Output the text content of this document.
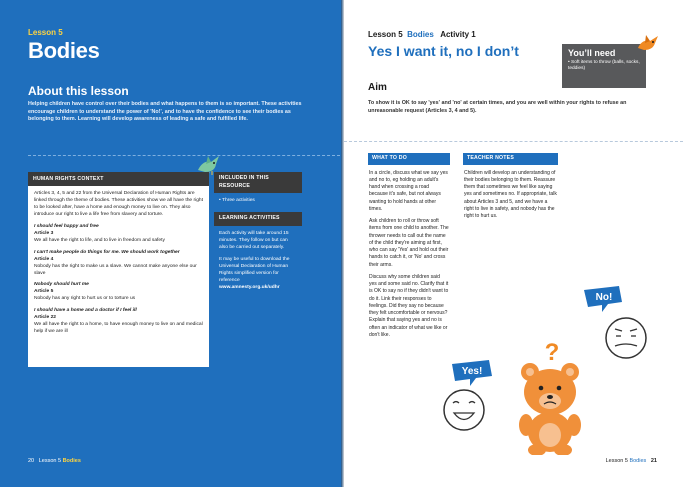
Lesson 5
Bodies
About this lesson
Helping children have control over their bodies and what happens to them is so important. These activities encourage children to understand the power of 'No!', and to have the confidence to see their bodies as belonging to them. Learning will develop awareness of leading a safe and fulfilled life.
HUMAN RIGHTS CONTEXT

Articles 3, 4, 5 and 22 from the Universal Declaration of Human Rights are linked through the theme of bodies. These activities show we all have the right to be looked after, have a home and enough money to live on. They also introduce our right to live a life free from slavery and torture.

I should feel happy and free
Article 3
We all have the right to life, and to live in freedom and safety

I can't make people do things for me. We should work together
Article 4
Nobody has the right to make us a slave. We cannot make anyone else our slave

Nobody should hurt me
Article 5
Nobody has any right to hurt us or to torture us

I should have a home and a doctor if I feel ill
Article 22
We all have the right to a home, to have enough money to live on and medical help if we are ill

INCLUDED IN THIS RESOURCE
• Three activities
LEARNING ACTIVITIES
Each activity will take around 15 minutes. They follow on but can also be carried out separately.
It may be useful to download the Universal Declaration of Human Rights simplified version for reference
www.amnesty.org.uk/udhr
20 Lesson 5 Bodies
Lesson 5 Bodies Activity 1
Yes I want it, no I don’t	You’ll need
• Soft items to throw (balls, socks, teddies)
Aim
To show it is OK to say 'yes' and 'no' at certain times, and you are well within your rights to refuse an unreasonable request (Articles 3, 4 and 5).
WHAT TO DO

In a circle, discuss what we say yes and no to, eg holding an adult's hand when crossing a road because it's safe, but not always wanting to hold hands at other times.

Ask children to roll or throw soft items from one child to another. The thrower needs to call out the name of the child they're aiming at first, who can say 'Yes' and hold out their hands to catch it, or 'No' and cross their arms.

Discuss why some children said yes and some said no. Clarify that it is OK to say no if they didn't want to do it. Link their responses to feelings. Did they say no because they felt uncomfortable or nervous? Explain that saying yes and no is often an indicator of what we like or don't like.

TEACHER NOTES

Children will develop an understanding of their bodies belonging to them. Reassure them that sometimes we feel like saying yes and sometimes no. If appropriate, talk about Articles 3 and 5, and we have a right to live in safety, and nobody has the right to hurt us.

No!
?
Yes!
Lesson 5 Bodies 21
